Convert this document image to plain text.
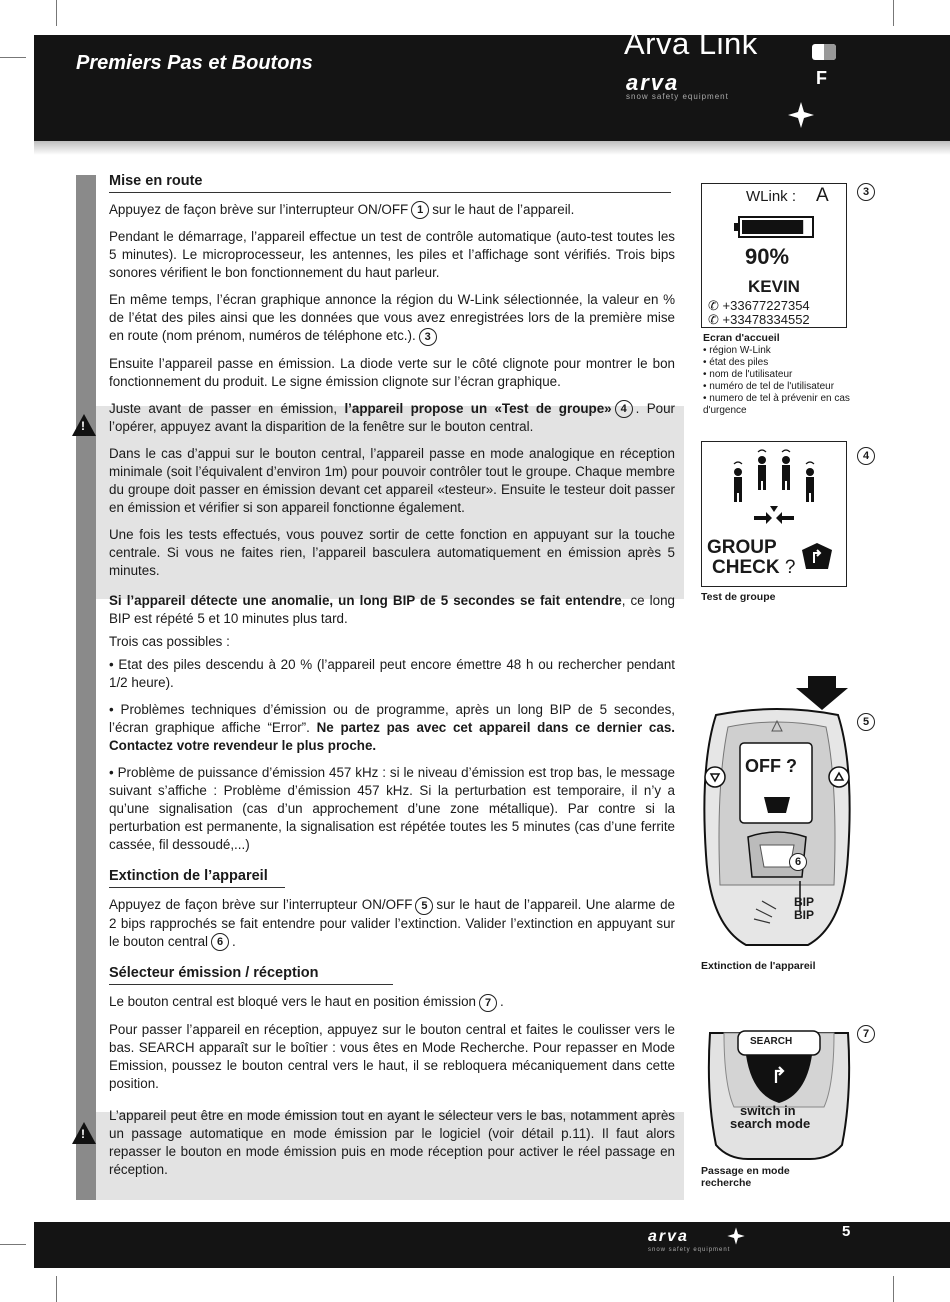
Premiers Pas et Boutons
Arva Link®
arva
snow safety equipment
F
!
!
Mise en route

Appuyez de façon brève sur l’interrupteur ON/OFF 1 sur le haut de l’appareil.

Pendant le démarrage, l’appareil effectue un test de contrôle automatique (auto-test toutes les 5 minutes). Le microprocesseur, les antennes, les piles et l’affichage sont vérifiés. Trois bips sonores vérifient le bon fonctionnement du haut parleur.

En même temps, l’écran graphique annonce la région du W-Link sélectionnée, la valeur en % de l’état des piles ainsi que les données que vous avez enregistrées lors de la première mise en route (nom prénom, numéros de téléphone etc.). 3

Ensuite l’appareil passe en émission. La diode verte sur le côté clignote pour montrer le bon fonctionnement du produit. Le signe émission clignote sur l’écran graphique.

Juste avant de passer en émission, l’appareil propose un «Test de groupe» 4 . Pour l’opérer, appuyez avant la disparition de la fenêtre sur le bouton central.

Dans le cas d’appui sur le bouton central, l’appareil passe en mode analogique en réception minimale (soit l’équivalent d’environ 1m) pour pouvoir contrôler tout le groupe. Chaque membre du groupe doit passer en émission devant cet appareil «testeur». Ensuite le testeur doit passer en émission et vérifier si son appareil fonctionne également.

Une fois les tests effectués, vous pouvez sortir de cette fonction en appuyant sur la touche centrale. Si vous ne faites rien, l’appareil basculera automatiquement en émission après 5 minutes.

Si l’appareil détecte une anomalie, un long BIP de 5 secondes se fait entendre, ce long BIP est répété 5 et 10 minutes plus tard.

Trois cas possibles :

• Etat des piles descendu à 20 % (l’appareil peut encore émettre 48 h ou rechercher pendant 1/2 heure).

• Problèmes techniques d’émission ou de programme, après un long BIP de 5 secondes, l’écran graphique affiche “Error”. Ne partez pas avec cet appareil dans ce dernier cas. Contactez votre revendeur le plus proche.

• Problème de puissance d’émission 457 kHz : si le niveau d’émission est trop bas, le message suivant s’affiche : Problème d’émission 457 kHz. Si la perturbation est temporaire, il n’y a qu’une signalisation (cas d’un approchement d’une zone métallique). Par contre si la perturbation est permanente, la signalisation est répétée toutes les 5 minutes (cas d’une ferrite cassée, fil dessoudé,...)

Extinction de l’appareil

Appuyez de façon brève sur l’interrupteur ON/OFF 5 sur le haut de l’appareil. Une alarme de 2 bips rapprochés se fait entendre pour valider l’extinction. Valider l’extinction en appuyant sur le bouton central 6 .

Sélecteur émission / réception

Le bouton central est bloqué vers le haut en position émission 7 .

Pour passer l’appareil en réception, appuyez sur le bouton central et faites le coulisser vers le bas. SEARCH apparaît sur le boîtier : vous êtes en Mode Recherche. Pour repasser en Mode Emission, poussez le bouton central vers le haut, il se rebloquera mécaniquement dans cette position.

L’appareil peut être en mode émission tout en ayant le sélecteur vers le bas, notamment après un passage automatique en mode émission par le logiciel (voir détail p.11). Il faut alors repasser le bouton en mode émission puis en mode réception pour activer le réel passage en réception.

3
WLink : A
90%
KEVIN
✆ +33677227354
✆ +33478334552
Ecran d'accueil
• région W-Link
• état des piles
• nom de l'utilisateur
• numéro de tel de l'utilisateur
• numero de tel à prévenir en cas d'urgence
4
GROUP
CHECK ?
Test de groupe
5
OFF ?
6
BIP
BIP
Extinction de l'appareil
7
SEARCH
switch in
search mode
Passage en mode recherche
arva
snow safety equipment
5
